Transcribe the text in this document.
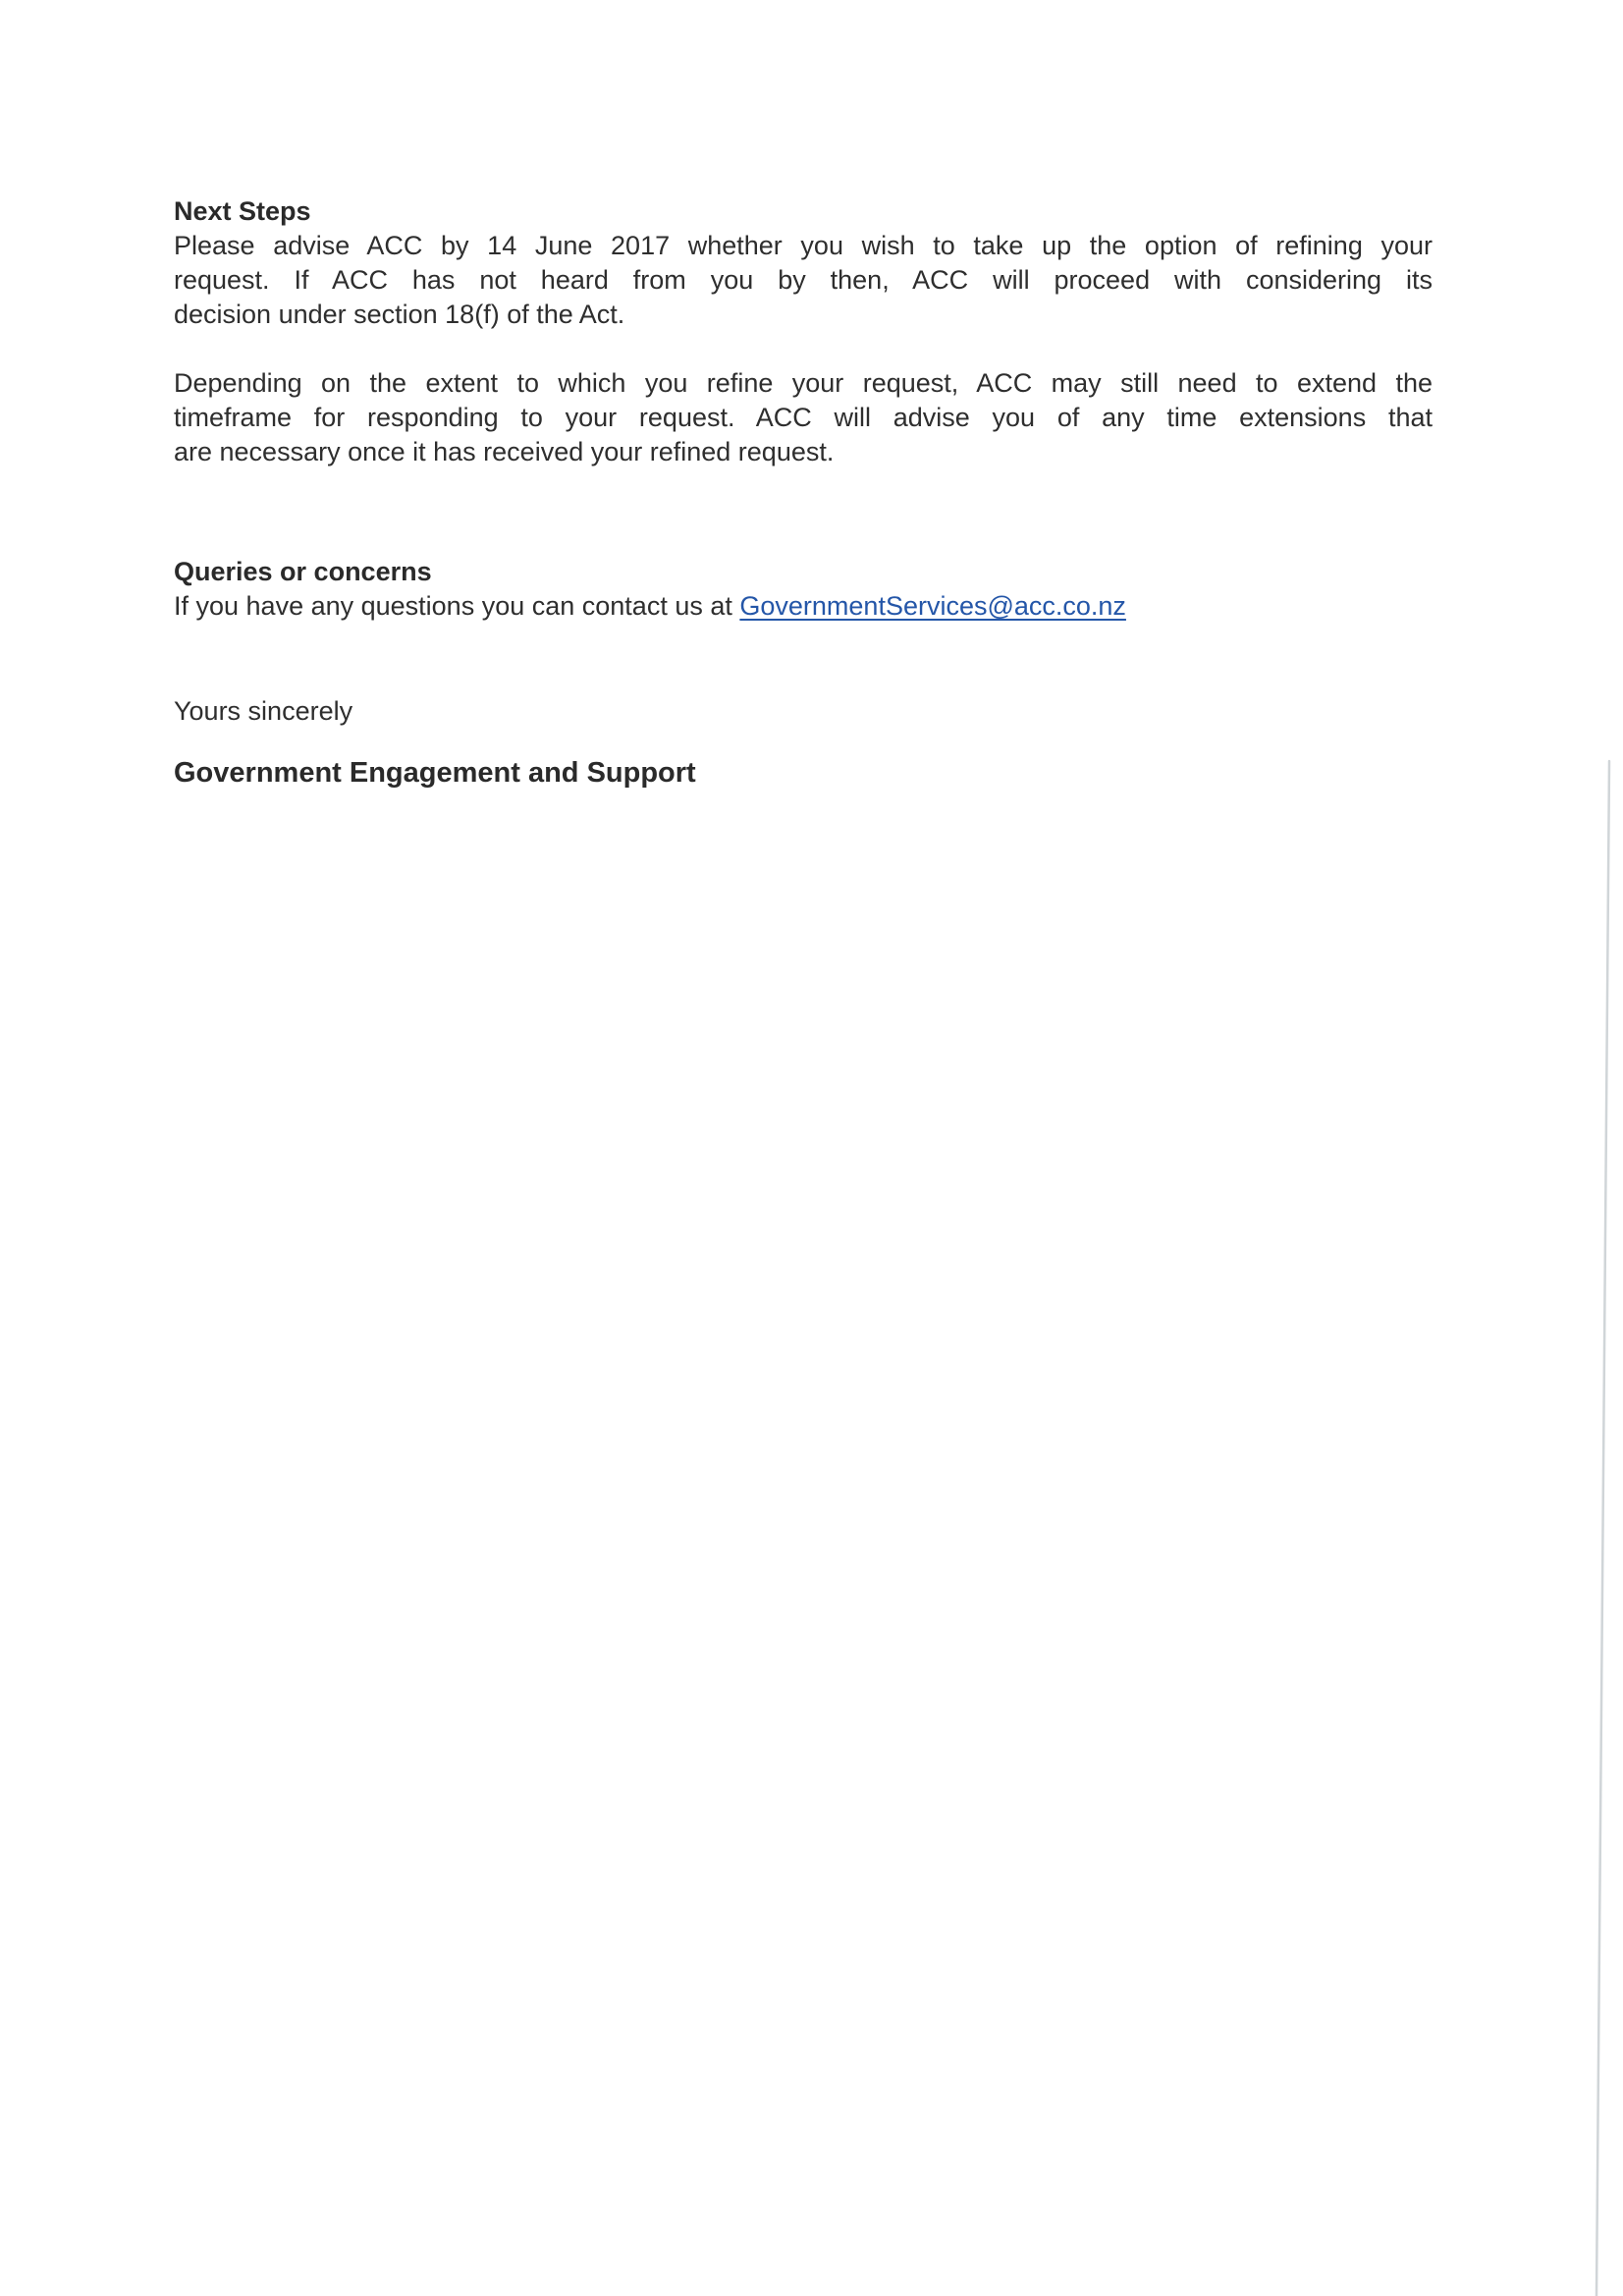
Next Steps
Please advise ACC by 14 June 2017 whether you wish to take up the option of refining your
request. If ACC has not heard from you by then, ACC will proceed with considering its
decision under section 18(f) of the Act.
Depending on the extent to which you refine your request, ACC may still need to extend the
timeframe for responding to your request. ACC will advise you of any time extensions that
are necessary once it has received your refined request.
Queries or concerns
If you have any questions you can contact us at GovernmentServices@acc.co.nz
Yours sincerely
Government Engagement and Support
